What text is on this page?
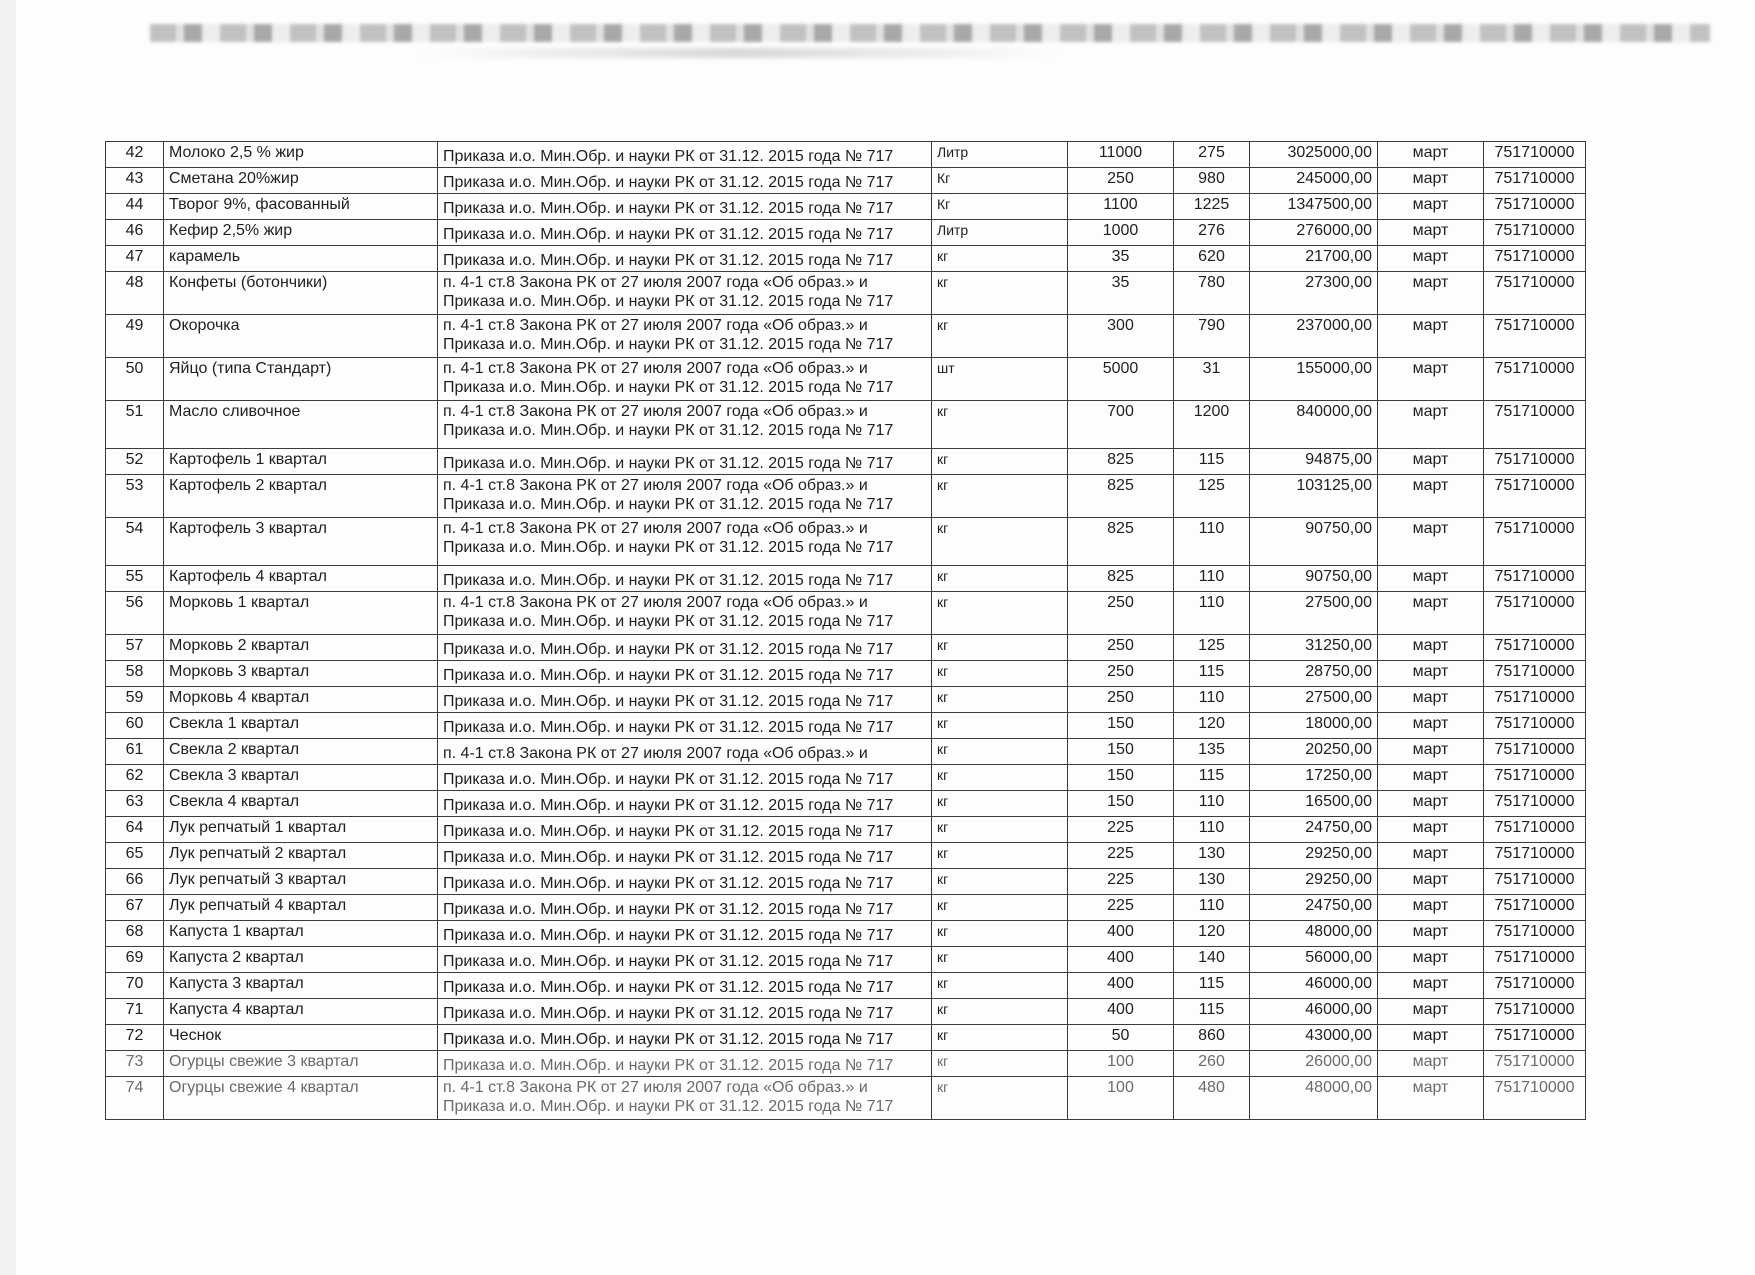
42	Молоко 2,5 % жир	Приказа и.о. Мин.Обр. и науки РК от 31.12. 2015 года № 717	Литр	11000	275	3025000,00	март	751710000
43	Сметана 20%жир	Приказа и.о. Мин.Обр. и науки РК от 31.12. 2015 года № 717	Кг	250	980	245000,00	март	751710000
44	Творог 9%, фасованный	Приказа и.о. Мин.Обр. и науки РК от 31.12. 2015 года № 717	Кг	1100	1225	1347500,00	март	751710000
46	Кефир 2,5% жир	Приказа и.о. Мин.Обр. и науки РК от 31.12. 2015 года № 717	Литр	1000	276	276000,00	март	751710000
47	карамель	Приказа и.о. Мин.Обр. и науки РК от 31.12. 2015 года № 717	кг	35	620	21700,00	март	751710000
48	Конфеты (ботончики)	п. 4-1 ст.8 Закона РК от 27 июля 2007 года «Об образ.» и
Приказа и.о. Мин.Обр. и науки РК от 31.12. 2015 года № 717	кг	35	780	27300,00	март	751710000
49	Окорочка	п. 4-1 ст.8 Закона РК от 27 июля 2007 года «Об образ.» и
Приказа и.о. Мин.Обр. и науки РК от 31.12. 2015 года № 717	кг	300	790	237000,00	март	751710000
50	Яйцо (типа Стандарт)	п. 4-1 ст.8 Закона РК от 27 июля 2007 года «Об образ.» и
Приказа и.о. Мин.Обр. и науки РК от 31.12. 2015 года № 717	шт	5000	31	155000,00	март	751710000
51	Масло сливочное	п. 4-1 ст.8 Закона РК от 27 июля 2007 года «Об образ.» и
Приказа и.о. Мин.Обр. и науки РК от 31.12. 2015 года № 717	кг	700	1200	840000,00	март	751710000
52	Картофель 1 квартал	Приказа и.о. Мин.Обр. и науки РК от 31.12. 2015 года № 717	кг	825	115	94875,00	март	751710000
53	Картофель 2 квартал	п. 4-1 ст.8 Закона РК от 27 июля 2007 года «Об образ.» и
Приказа и.о. Мин.Обр. и науки РК от 31.12. 2015 года № 717	кг	825	125	103125,00	март	751710000
54	Картофель 3 квартал	п. 4-1 ст.8 Закона РК от 27 июля 2007 года «Об образ.» и
Приказа и.о. Мин.Обр. и науки РК от 31.12. 2015 года № 717	кг	825	110	90750,00	март	751710000
55	Картофель 4 квартал	Приказа и.о. Мин.Обр. и науки РК от 31.12. 2015 года № 717	кг	825	110	90750,00	март	751710000
56	Морковь 1 квартал	п. 4-1 ст.8 Закона РК от 27 июля 2007 года «Об образ.» и
Приказа и.о. Мин.Обр. и науки РК от 31.12. 2015 года № 717	кг	250	110	27500,00	март	751710000
57	Морковь 2 квартал	Приказа и.о. Мин.Обр. и науки РК от 31.12. 2015 года № 717	кг	250	125	31250,00	март	751710000
58	Морковь 3 квартал	Приказа и.о. Мин.Обр. и науки РК от 31.12. 2015 года № 717	кг	250	115	28750,00	март	751710000
59	Морковь 4 квартал	Приказа и.о. Мин.Обр. и науки РК от 31.12. 2015 года № 717	кг	250	110	27500,00	март	751710000
60	Свекла 1 квартал	Приказа и.о. Мин.Обр. и науки РК от 31.12. 2015 года № 717	кг	150	120	18000,00	март	751710000
61	Свекла 2 квартал	п. 4-1 ст.8 Закона РК от 27 июля 2007 года «Об образ.» и	кг	150	135	20250,00	март	751710000
62	Свекла 3 квартал	Приказа и.о. Мин.Обр. и науки РК от 31.12. 2015 года № 717	кг	150	115	17250,00	март	751710000
63	Свекла 4 квартал	Приказа и.о. Мин.Обр. и науки РК от 31.12. 2015 года № 717	кг	150	110	16500,00	март	751710000
64	Лук репчатый 1 квартал	Приказа и.о. Мин.Обр. и науки РК от 31.12. 2015 года № 717	кг	225	110	24750,00	март	751710000
65	Лук репчатый 2 квартал	Приказа и.о. Мин.Обр. и науки РК от 31.12. 2015 года № 717	кг	225	130	29250,00	март	751710000
66	Лук репчатый 3 квартал	Приказа и.о. Мин.Обр. и науки РК от 31.12. 2015 года № 717	кг	225	130	29250,00	март	751710000
67	Лук репчатый 4 квартал	Приказа и.о. Мин.Обр. и науки РК от 31.12. 2015 года № 717	кг	225	110	24750,00	март	751710000
68	Капуста 1 квартал	Приказа и.о. Мин.Обр. и науки РК от 31.12. 2015 года № 717	кг	400	120	48000,00	март	751710000
69	Капуста 2 квартал	Приказа и.о. Мин.Обр. и науки РК от 31.12. 2015 года № 717	кг	400	140	56000,00	март	751710000
70	Капуста 3 квартал	Приказа и.о. Мин.Обр. и науки РК от 31.12. 2015 года № 717	кг	400	115	46000,00	март	751710000
71	Капуста 4 квартал	Приказа и.о. Мин.Обр. и науки РК от 31.12. 2015 года № 717	кг	400	115	46000,00	март	751710000
72	Чеснок	Приказа и.о. Мин.Обр. и науки РК от 31.12. 2015 года № 717	кг	50	860	43000,00	март	751710000
73	Огурцы свежие 3 квартал	Приказа и.о. Мин.Обр. и науки РК от 31.12. 2015 года № 717	кг	100	260	26000,00	март	751710000
74	Огурцы свежие 4 квартал	п. 4-1 ст.8 Закона РК от 27 июля 2007 года «Об образ.» и
Приказа и.о. Мин.Обр. и науки РК от 31.12. 2015 года № 717	кг	100	480	48000,00	март	751710000
